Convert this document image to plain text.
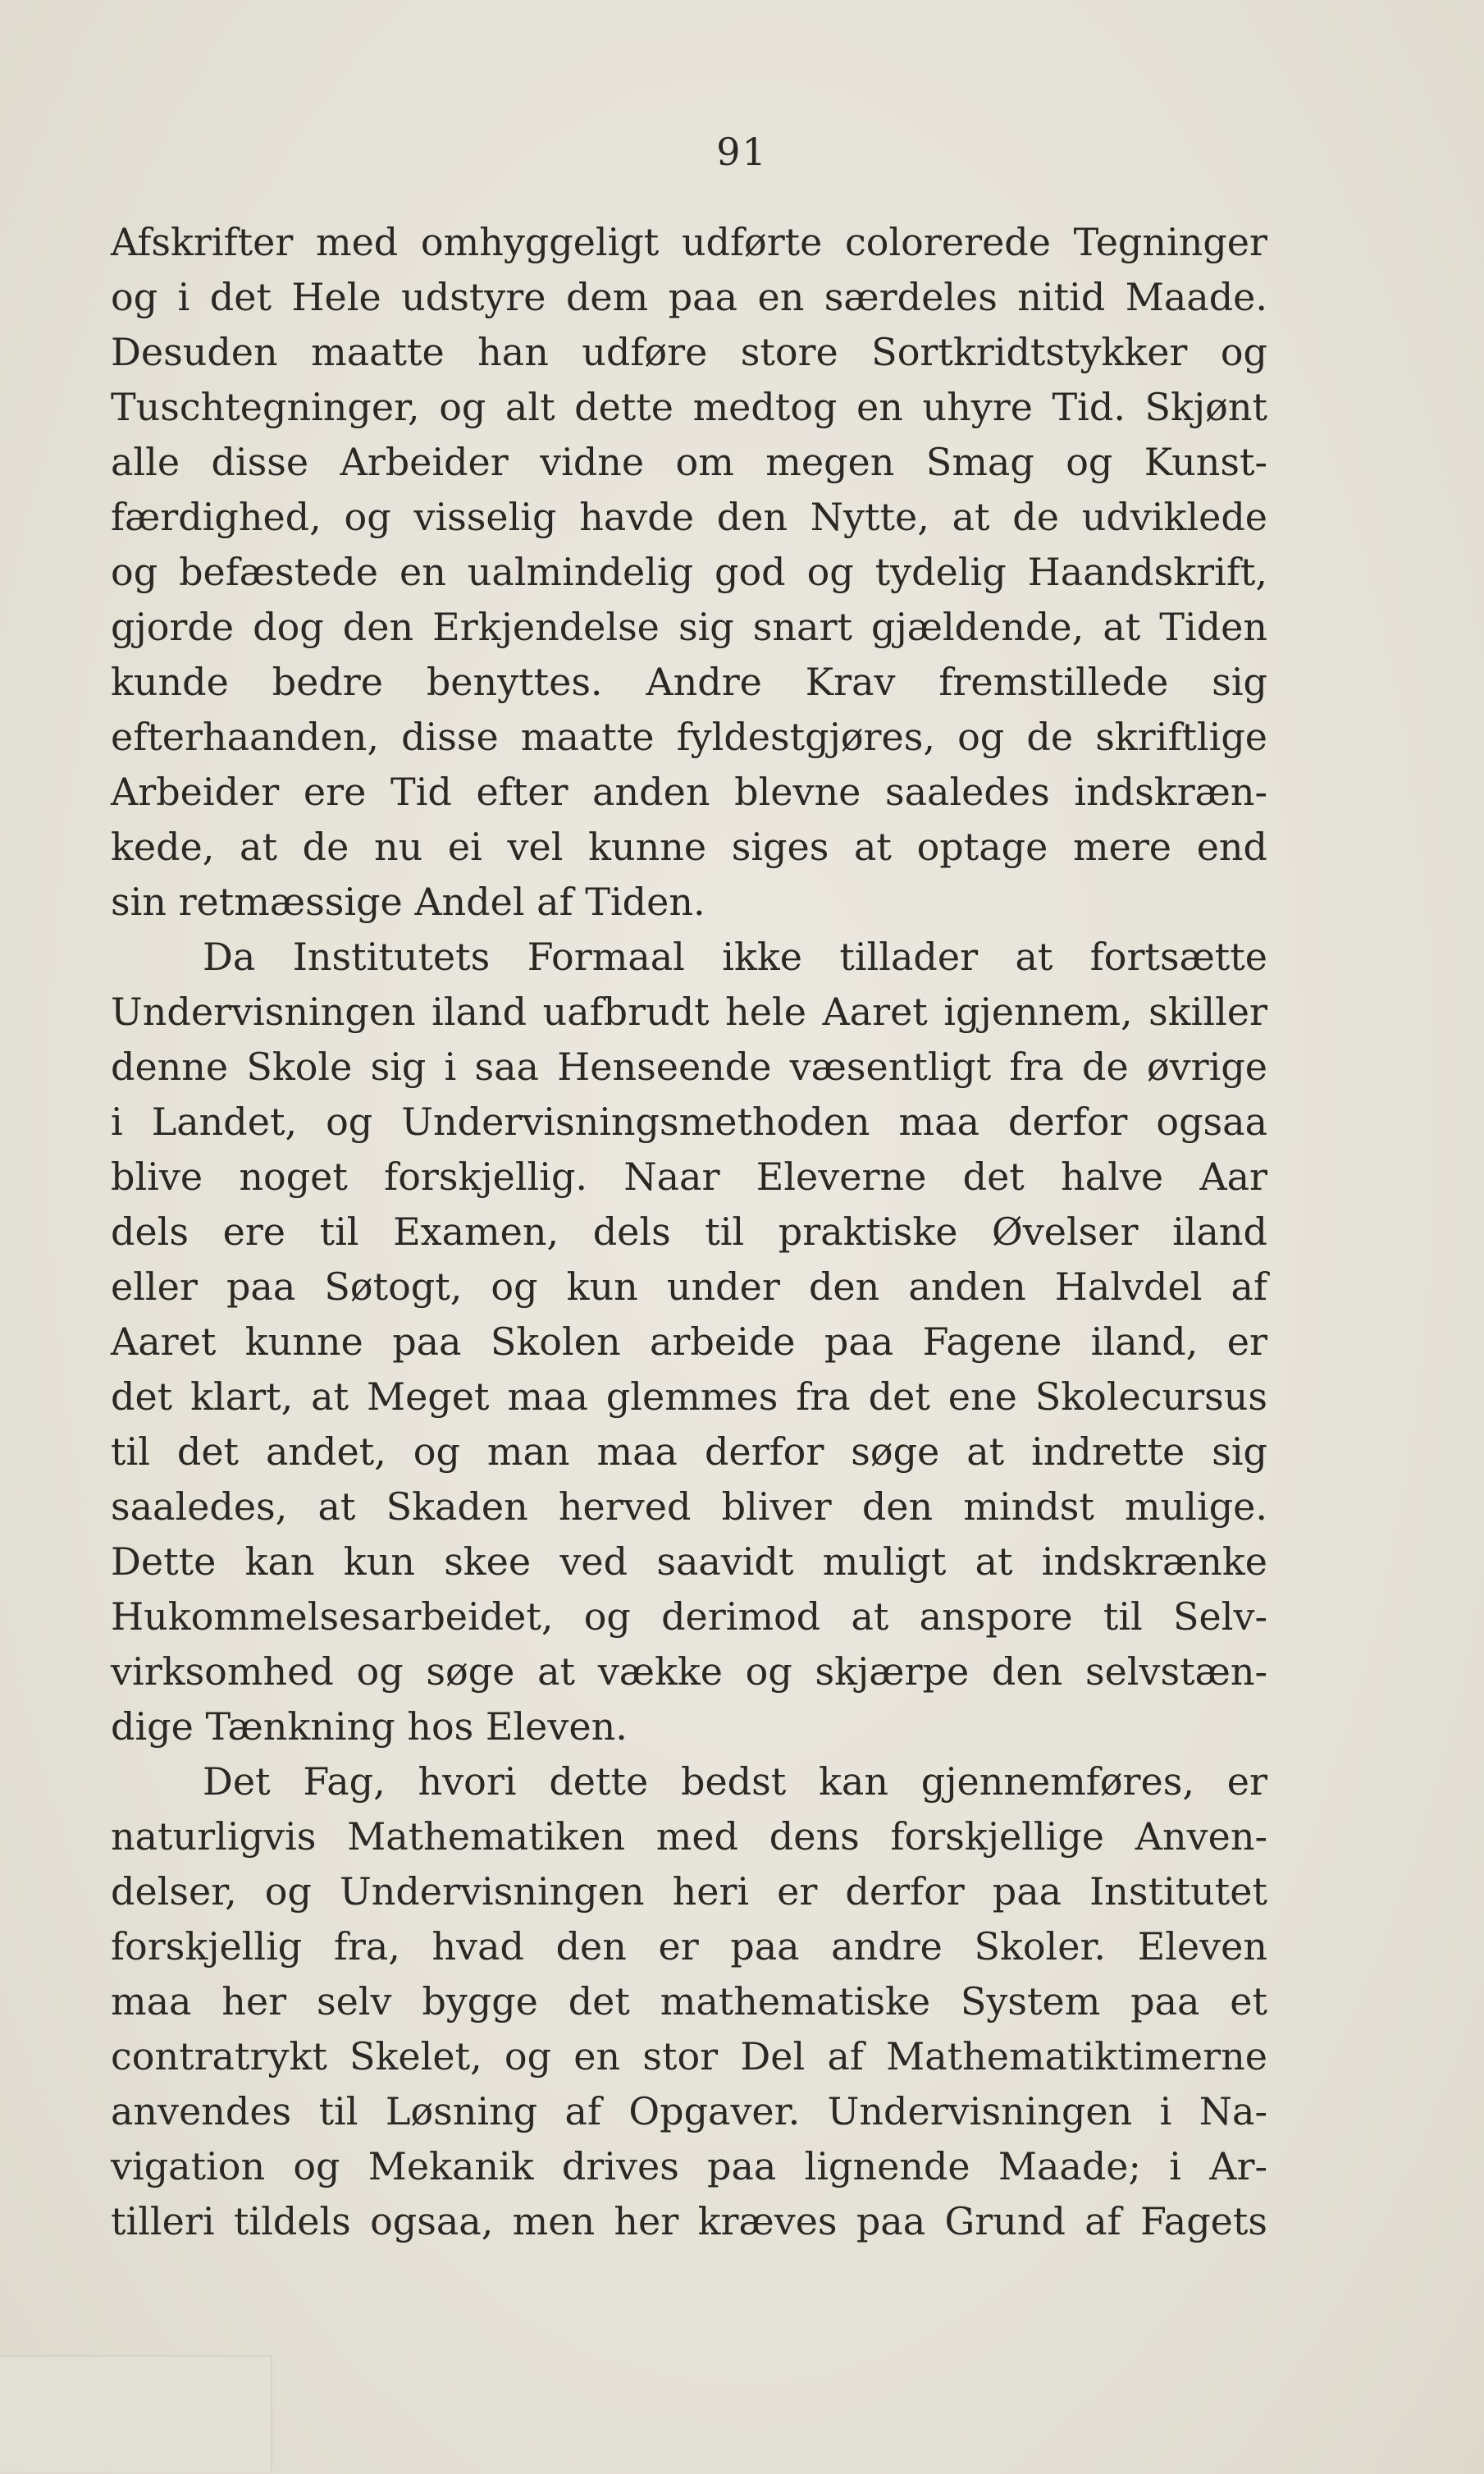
91
Afskrifter med omhyggeligt udførte colorerede Tegninger
og i det Hele udstyre dem paa en særdeles nitid Maade.
Desuden maatte han udføre store Sortkridtstykker og
Tuschtegninger, og alt dette medtog en uhyre Tid. Skjønt
alle disse Arbeider vidne om megen Smag og Kunst-
færdighed, og visselig havde den Nytte, at de udviklede
og befæstede en ualmindelig god og tydelig Haandskrift,
gjorde dog den Erkjendelse sig snart gjældende, at Tiden
kunde bedre benyttes. Andre Krav fremstillede sig
efterhaanden, disse maatte fyldestgjøres, og de skriftlige
Arbeider ere Tid efter anden blevne saaledes indskræn-
kede, at de nu ei vel kunne siges at optage mere end
sin retmæssige Andel af Tiden.
Da Institutets Formaal ikke tillader at fortsætte
Undervisningen iland uafbrudt hele Aaret igjennem, skiller
denne Skole sig i saa Henseende væsentligt fra de øvrige
i Landet, og Undervisningsmethoden maa derfor ogsaa
blive noget forskjellig. Naar Eleverne det halve Aar
dels ere til Examen, dels til praktiske Øvelser iland
eller paa Søtogt, og kun under den anden Halvdel af
Aaret kunne paa Skolen arbeide paa Fagene iland, er
det klart, at Meget maa glemmes fra det ene Skolecursus
til det andet, og man maa derfor søge at indrette sig
saaledes, at Skaden herved bliver den mindst mulige.
Dette kan kun skee ved saavidt muligt at indskrænke
Hukommelsesarbeidet, og derimod at anspore til Selv-
virksomhed og søge at vække og skjærpe den selvstæn-
dige Tænkning hos Eleven.
Det Fag, hvori dette bedst kan gjennemføres, er
naturligvis Mathematiken med dens forskjellige Anven-
delser, og Undervisningen heri er derfor paa Institutet
forskjellig fra, hvad den er paa andre Skoler. Eleven
maa her selv bygge det mathematiske System paa et
contratrykt Skelet, og en stor Del af Mathematiktimerne
anvendes til Løsning af Opgaver. Undervisningen i Na-
vigation og Mekanik drives paa lignende Maade; i Ar-
tilleri tildels ogsaa, men her kræves paa Grund af Fagets
